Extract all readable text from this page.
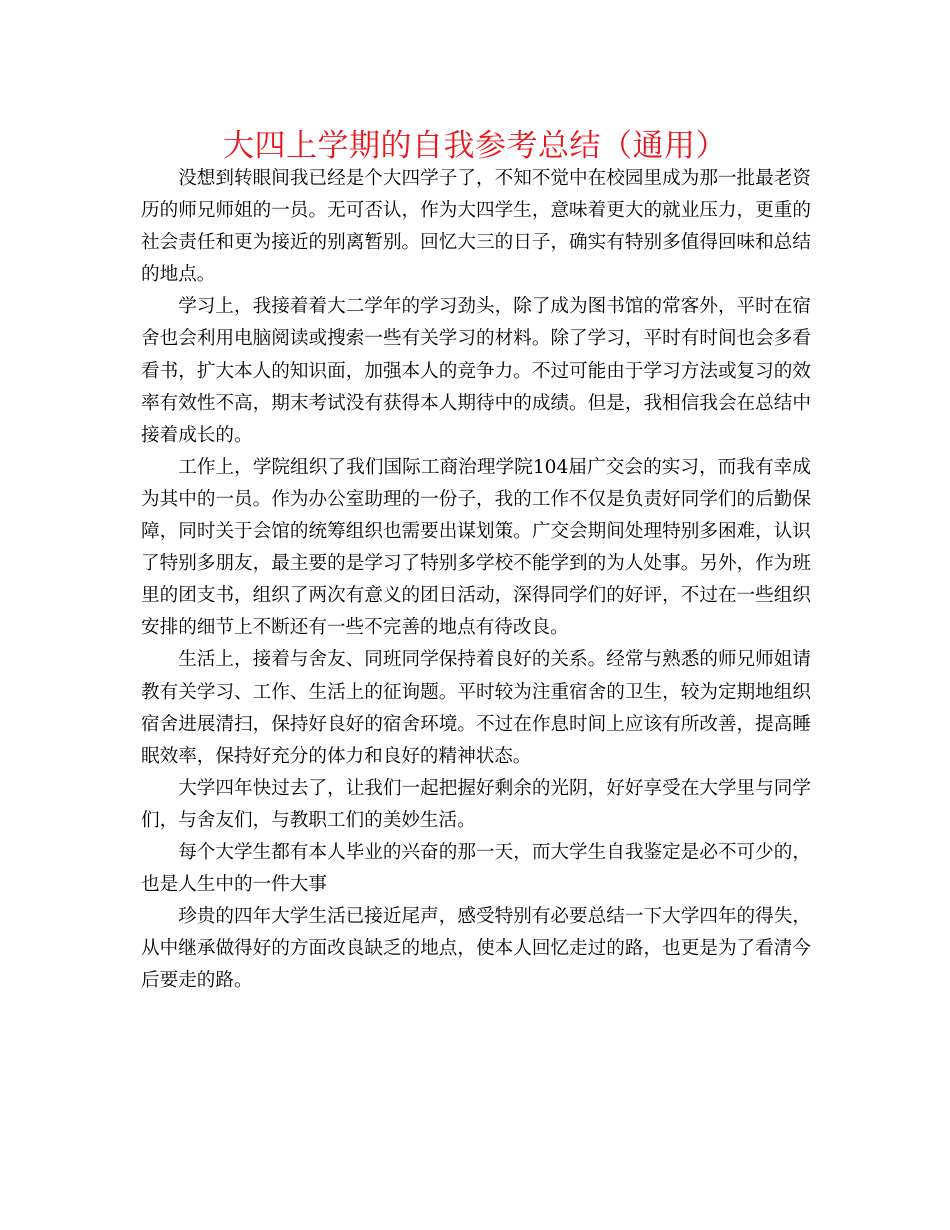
大四上学期的自我参考总结（通用）

没想到转眼间我已经是个大四学子了，不知不觉中在校园里成为那一批最老资历的师兄师姐的一员。无可否认，作为大四学生，意味着更大的就业压力，更重的社会责任和更为接近的别离暂别。回忆大三的日子，确实有特别多值得回味和总结的地点。

学习上，我接着着大二学年的学习劲头，除了成为图书馆的常客外，平时在宿舍也会利用电脑阅读或搜索一些有关学习的材料。除了学习，平时有时间也会多看看书，扩大本人的知识面，加强本人的竞争力。不过可能由于学习方法或复习的效率有效性不高，期末考试没有获得本人期待中的成绩。但是，我相信我会在总结中接着成长的。

工作上，学院组织了我们国际工商治理学院104届广交会的实习，而我有幸成为其中的一员。作为办公室助理的一份子，我的工作不仅是负责好同学们的后勤保障，同时关于会馆的统筹组织也需要出谋划策。广交会期间处理特别多困难，认识了特别多朋友，最主要的是学习了特别多学校不能学到的为人处事。另外，作为班里的团支书，组织了两次有意义的团日活动，深得同学们的好评，不过在一些组织安排的细节上不断还有一些不完善的地点有待改良。

生活上，接着与舍友、同班同学保持着良好的关系。经常与熟悉的师兄师姐请教有关学习、工作、生活上的征询题。平时较为注重宿舍的卫生，较为定期地组织宿舍进展清扫，保持好良好的宿舍环境。不过在作息时间上应该有所改善，提高睡眠效率，保持好充分的体力和良好的精神状态。

大学四年快过去了，让我们一起把握好剩余的光阴，好好享受在大学里与同学们，与舍友们，与教职工们的美妙生活。

每个大学生都有本人毕业的兴奋的那一天，而大学生自我鉴定是必不可少的，也是人生中的一件大事

珍贵的四年大学生活已接近尾声，感受特别有必要总结一下大学四年的得失，从中继承做得好的方面改良缺乏的地点，使本人回忆走过的路，也更是为了看清今后要走的路。
